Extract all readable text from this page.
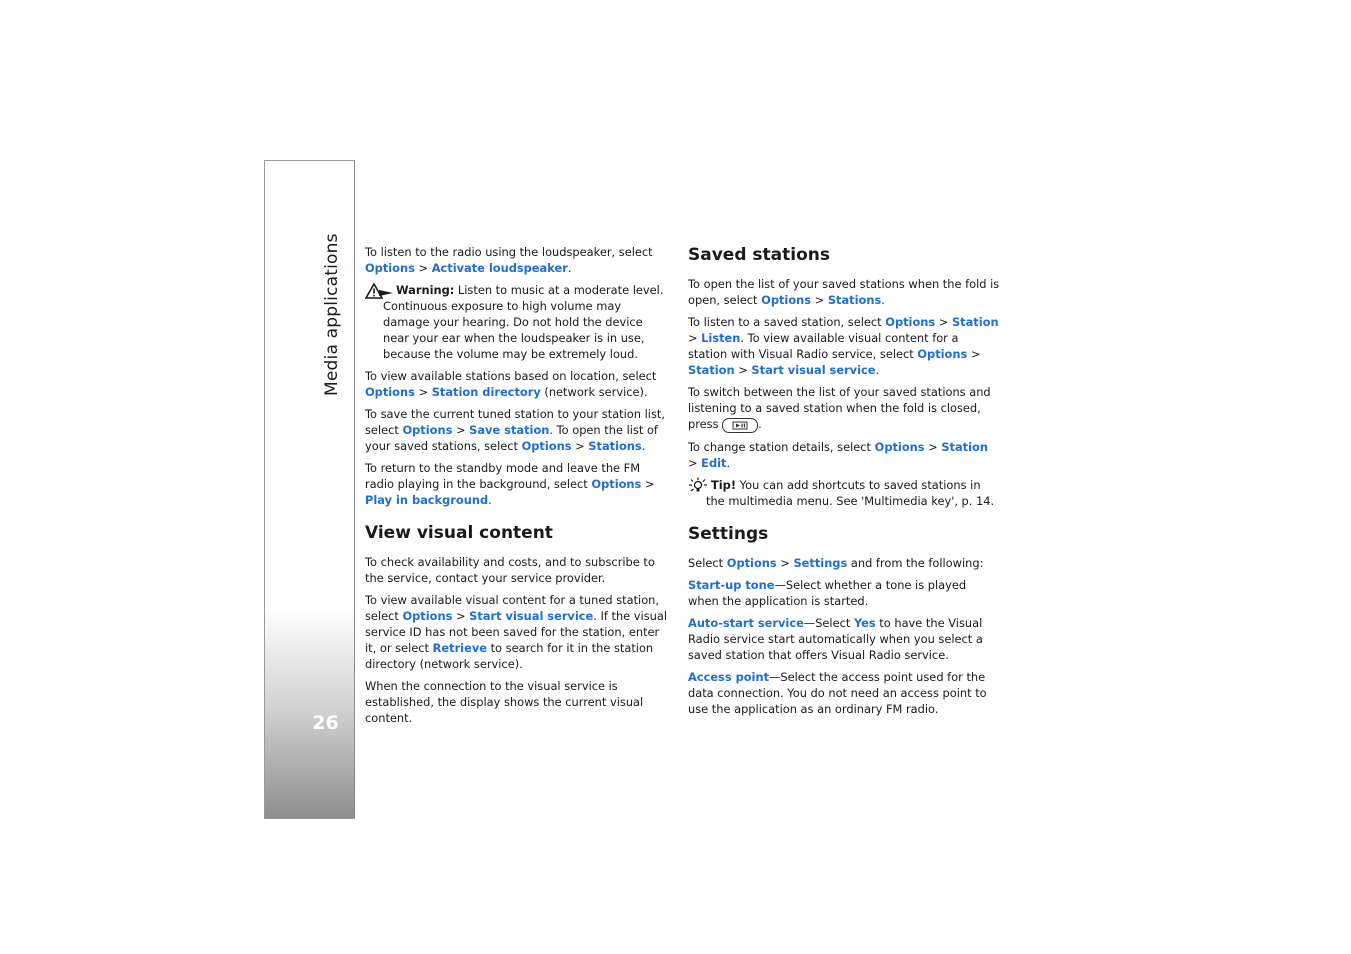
Media applications
26

To listen to the radio using the loudspeaker, select Options > Activate loudspeaker.

Warning: Listen to music at a moderate level. Continuous exposure to high volume may damage your hearing. Do not hold the device near your ear when the loudspeaker is in use, because the volume may be extremely loud.

To view available stations based on location, select Options > Station directory (network service).

To save the current tuned station to your station list, select Options > Save station. To open the list of your saved stations, select Options > Stations.

To return to the standby mode and leave the FM radio playing in the background, select Options > Play in background.

View visual content

To check availability and costs, and to subscribe to the service, contact your service provider.

To view available visual content for a tuned station, select Options > Start visual service. If the visual service ID has not been saved for the station, enter it, or select Retrieve to search for it in the station directory (network service).

When the connection to the visual service is established, the display shows the current visual content.

Saved stations

To open the list of your saved stations when the fold is open, select Options > Stations.

To listen to a saved station, select Options > Station > Listen. To view available visual content for a station with Visual Radio service, select Options > Station > Start visual service.

To switch between the list of your saved stations and listening to a saved station when the fold is closed, press	.

To change station details, select Options > Station > Edit.

Tip! You can add shortcuts to saved stations in the multimedia menu. See 'Multimedia key', p. 14.
Settings

Select Options > Settings and from the following:

Start-up tone—Select whether a tone is played when the application is started.

Auto-start service—Select Yes to have the Visual Radio service start automatically when you select a saved station that offers Visual Radio service.

Access point—Select the access point used for the data connection. You do not need an access point to use the application as an ordinary FM radio.
